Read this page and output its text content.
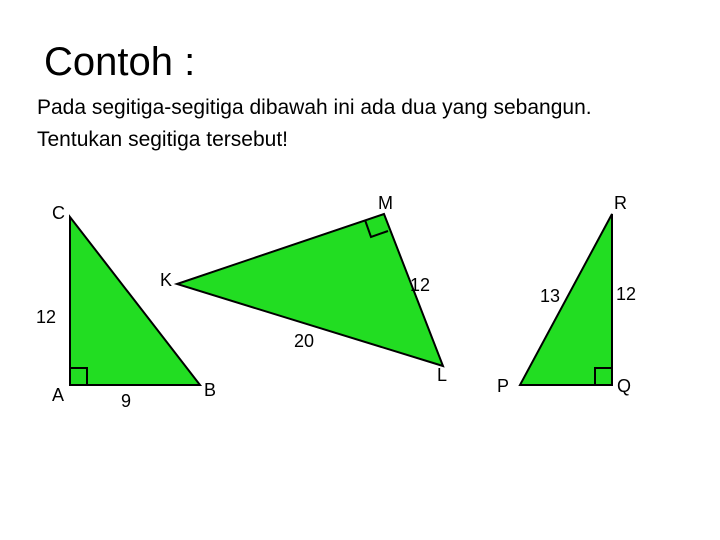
Contoh :
Pada segitiga-segitiga dibawah ini ada dua yang sebangun.
Tentukan segitiga tersebut!
C
A	B
12
9
M
K
L
12
20
R
P	Q
13	12
